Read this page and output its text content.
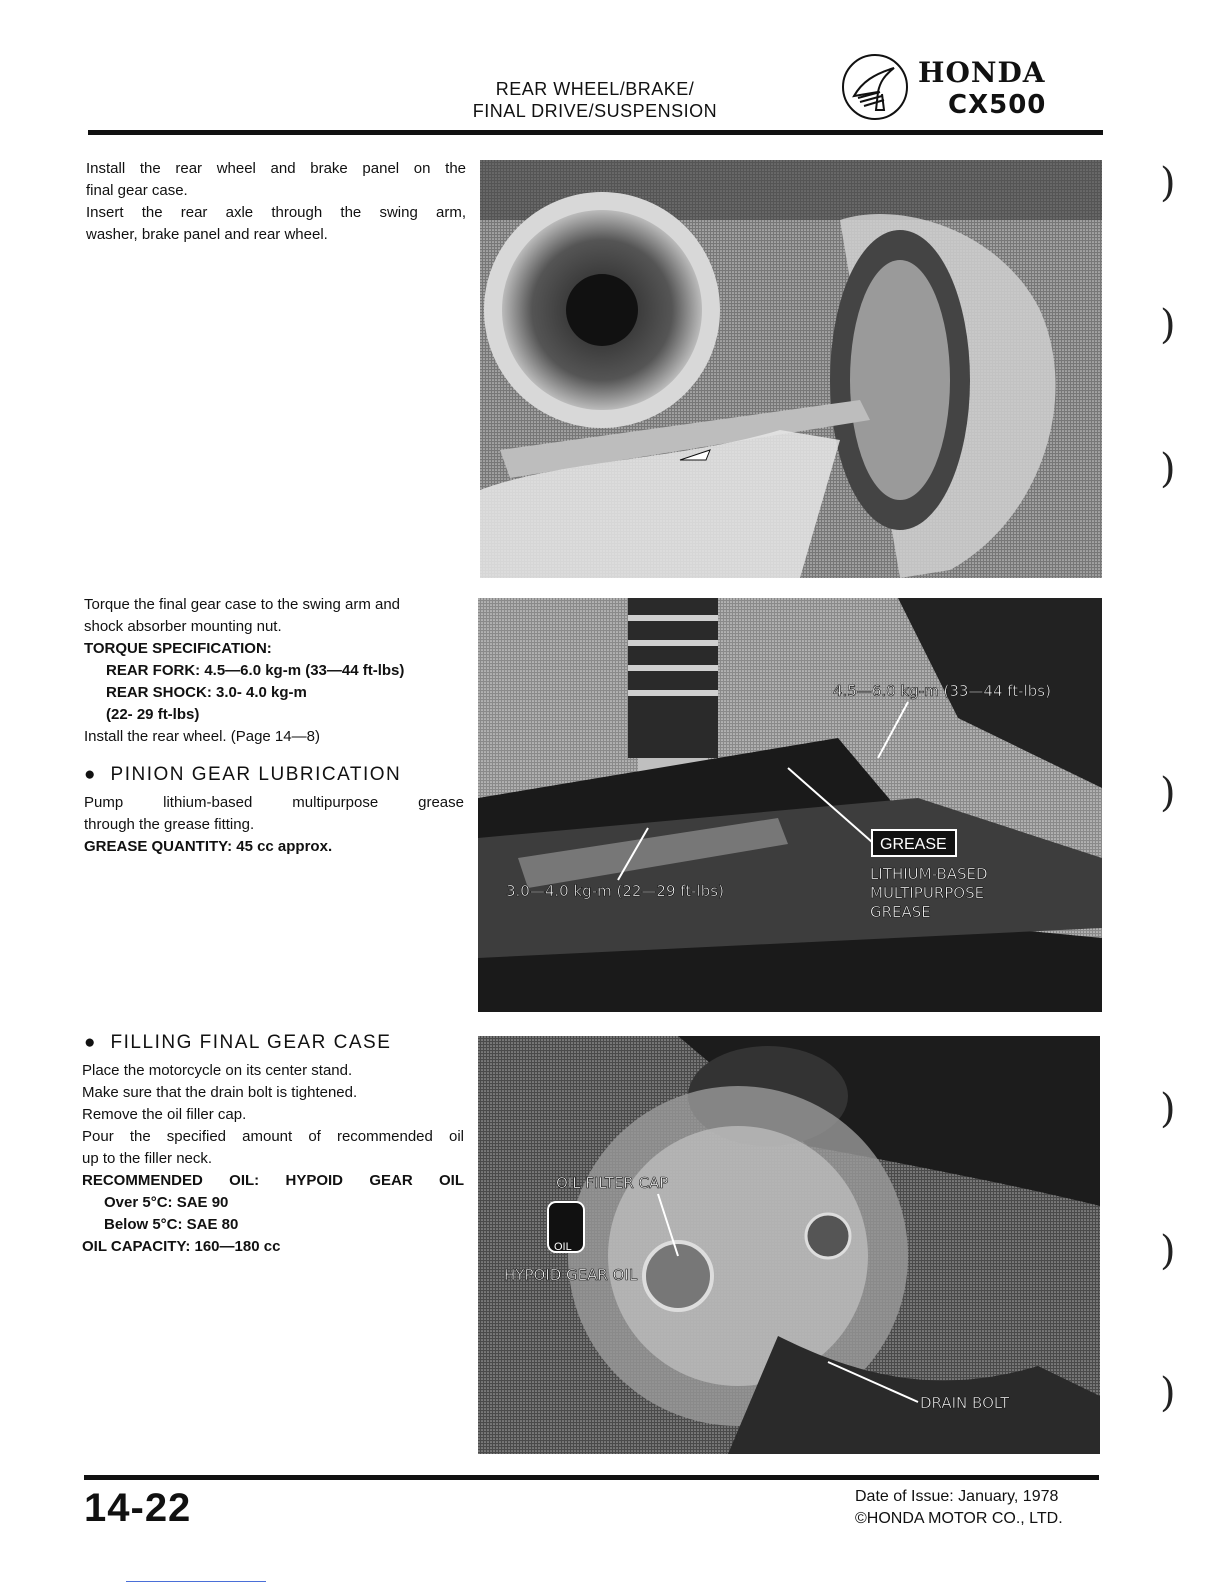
REAR WHEEL/BRAKE/
FINAL DRIVE/SUSPENSION
HONDA
CX500
Install the rear wheel and brake panel on the
final gear case.
Insert the rear axle through the swing arm,
washer, brake panel and rear wheel.
Torque the final gear case to the swing arm and
shock absorber mounting nut.
TORQUE SPECIFICATION:
REAR FORK: 4.5—6.0 kg-m (33—44 ft-lbs)
REAR SHOCK: 3.0- 4.0 kg-m
(22- 29 ft-lbs)
Install the rear wheel. (Page 14—8)
●  PINION GEAR LUBRICATION
Pump lithium-based multipurpose grease
through the grease fitting.
GREASE QUANTITY: 45 cc approx.
●  FILLING FINAL GEAR CASE
Place the motorcycle on its center stand.
Make sure that the drain bolt is tightened.
Remove the oil filler cap.
Pour the specified amount of recommended oil
up to the filler neck.
RECOMMENDED OIL: HYPOID GEAR OIL
Over 5°C: SAE 90
Below 5°C: SAE 80
OIL CAPACITY: 160—180 cc
4.5—6.0 kg-m (33—44 ft-lbs)
3.0—4.0 kg-m (22—29 ft-lbs)
GREASE
LITHIUM-BASED
MULTIPURPOSE
GREASE
OIL
OIL FILTER CAP
HYPOID GEAR OIL
DRAIN BOLT
)
)
)
)
)
)
)
14-22	Date of Issue: January, 1978
©HONDA MOTOR CO., LTD.
